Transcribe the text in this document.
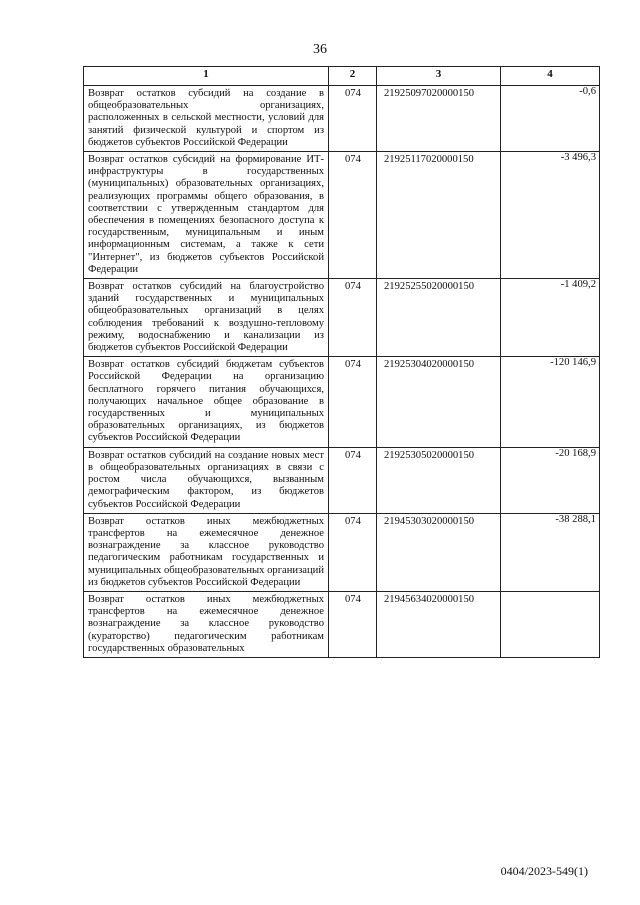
36
1	2	3	4
Возврат остатков субсидий на создание в общеобразовательных организациях, расположенных в сельской местности, условий для занятий физической культурой и спортом из бюджетов субъектов Российской Федерации	074	21925097020000150	-0,6
Возврат остатков субсидий на формирование ИТ-инфраструктуры в государственных (муниципальных) образовательных организациях, реализующих программы общего образования, в соответствии с утвержденным стандартом для обеспечения в помещениях безопасного доступа к государственным, муниципальным и иным информационным системам, а также к сети "Интернет", из бюджетов субъектов Российской Федерации	074	21925117020000150	-3 496,3
Возврат остатков субсидий на благоустройство зданий государственных и муниципальных общеобразовательных организаций в целях соблюдения требований к воздушно-тепловому режиму, водоснабжению и канализации из бюджетов субъектов Российской Федерации	074	21925255020000150	-1 409,2
Возврат остатков субсидий бюджетам субъектов Российской Федерации на организацию бесплатного горячего питания обучающихся, получающих начальное общее образование в государственных и муниципальных образовательных организациях, из бюджетов субъектов Российской Федерации	074	21925304020000150	-120 146,9
Возврат остатков субсидий на создание новых мест в общеобразовательных организациях в связи с ростом числа обучающихся, вызванным демографическим фактором, из бюджетов субъектов Российской Федерации	074	21925305020000150	-20 168,9
Возврат остатков иных межбюджетных трансфертов на ежемесячное денежное вознаграждение за классное руководство педагогическим работникам государственных и муниципальных общеобразовательных организаций из бюджетов субъектов Российской Федерации	074	21945303020000150	-38 288,1
Возврат остатков иных межбюджетных трансфертов на ежемесячное денежное вознаграждение за классное руководство (кураторство) педагогическим работникам государственных образовательных	074	21945634020000150	
0404/2023-549(1)
